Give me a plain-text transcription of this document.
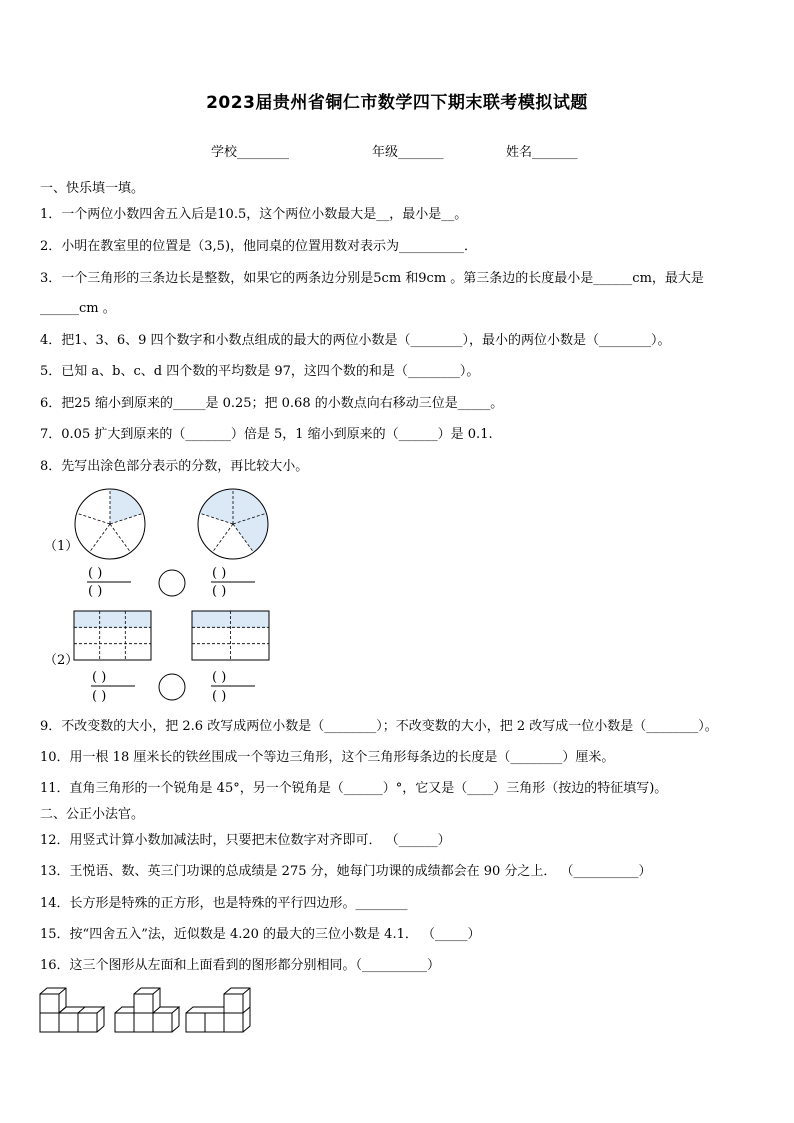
2023届贵州省铜仁市数学四下期末联考模拟试题
学校________	年级_______	姓名_______
一、快乐填一填。
1．一个两位小数四舍五入后是10.5，这个两位小数最大是__，最小是__。
2．小明在教室里的位置是（3,5)，他同桌的位置用数对表示为__________．
3．一个三角形的三条边长是整数，如果它的两条边分别是5cm 和9cm 。第三条边的长度最小是______cm，最大是
______cm 。
4．把1、3、6、9 四个数字和小数点组成的最大的两位小数是（________），最小的两位小数是（________）。
5．已知 a、b、c、d 四个数的平均数是 97，这四个数的和是（________）。
6．把25 缩小到原来的_____是 0.25；把 0.68 的小数点向右移动三位是_____。
7．0.05 扩大到原来的（_______）倍是 5，1 缩小到原来的（______）是 0.1.
8．先写出涂色部分表示的分数，再比较大小。
（1）
（2）
( )
( )
( )
( )
( )
( )
( )
( )
9．不改变数的大小，把 2.6 改写成两位小数是（________）；不改变数的大小，把 2 改写成一位小数是（________）。
10．用一根 18 厘米长的铁丝围成一个等边三角形，这个三角形每条边的长度是（________）厘米。
11．直角三角形的一个锐角是 45°，另一个锐角是（______）°，它又是（____）三角形（按边的特征填写)。
二、公正小法官。
12．用竖式计算小数加减法时，只要把末位数字对齐即可． （______）
13．王悦语、数、英三门功课的总成绩是 275 分，她每门功课的成绩都会在 90 分之上． （__________）
14．长方形是特殊的正方形，也是特殊的平行四边形。________
15．按“四舍五入”法，近似数是 4.20 的最大的三位小数是 4.1． （_____）
16．这三个图形从左面和上面看到的图形都分别相同。（__________）
